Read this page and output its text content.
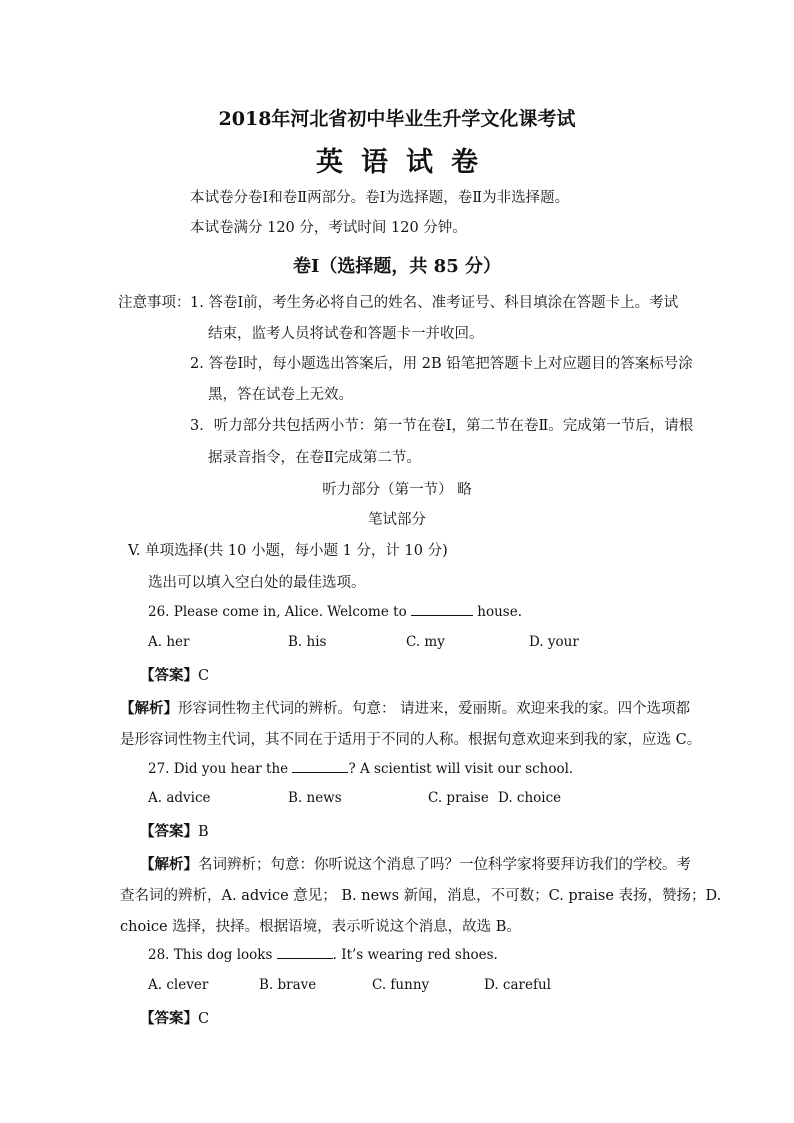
2018年河北省初中毕业生升学文化课考试
英语试卷
本试卷分卷Ⅰ和卷Ⅱ两部分。卷Ⅰ为选择题，卷Ⅱ为非选择题。
本试卷满分 120 分，考试时间 120 分钟。
卷Ⅰ（选择题，共 85 分）
注意事项： 1. 答卷Ⅰ前，考生务必将自己的姓名、准考证号、科目填涂在答题卡上。考试
结束，监考人员将试卷和答题卡一并收回。
2. 答卷Ⅰ时，每小题选出答案后，用 2B 铅笔把答题卡上对应题目的答案标号涂
黑，答在试卷上无效。
3．听力部分共包括两小节：第一节在卷Ⅰ，第二节在卷Ⅱ。完成第一节后，请根
据录音指令，在卷Ⅱ完成第二节。
听力部分（第一节） 略
笔试部分
V. 单项选择(共 10 小题，每小题 1 分，计 10 分)
选出可以填入空白处的最佳选项。
26. Please come in, Alice. Welcome to	house.
A. her	B. his	C. my	D. your
【答案】C
【解析】形容词性物主代词的辨析。句意： 请进来，爱丽斯。欢迎来我的家。四个选项都
是形容词性物主代词，其不同在于适用于不同的人称。根据句意欢迎来到我的家，应选 C。
27. Did you hear the	? A scientist will visit our school.
A. advice	B. news	C. praise D. choice
【答案】B
【解析】名词辨析；句意：你听说这个消息了吗？一位科学家将要拜访我们的学校。考
查名词的辨析，A. advice 意见； B. news 新闻，消息，不可数；C. praise 表扬，赞扬；D.
choice 选择，抉择。根据语境，表示听说这个消息，故选 B。
28. This dog looks	. It’s wearing red shoes.
A. clever	B. brave	C. funny	D. careful
【答案】C
